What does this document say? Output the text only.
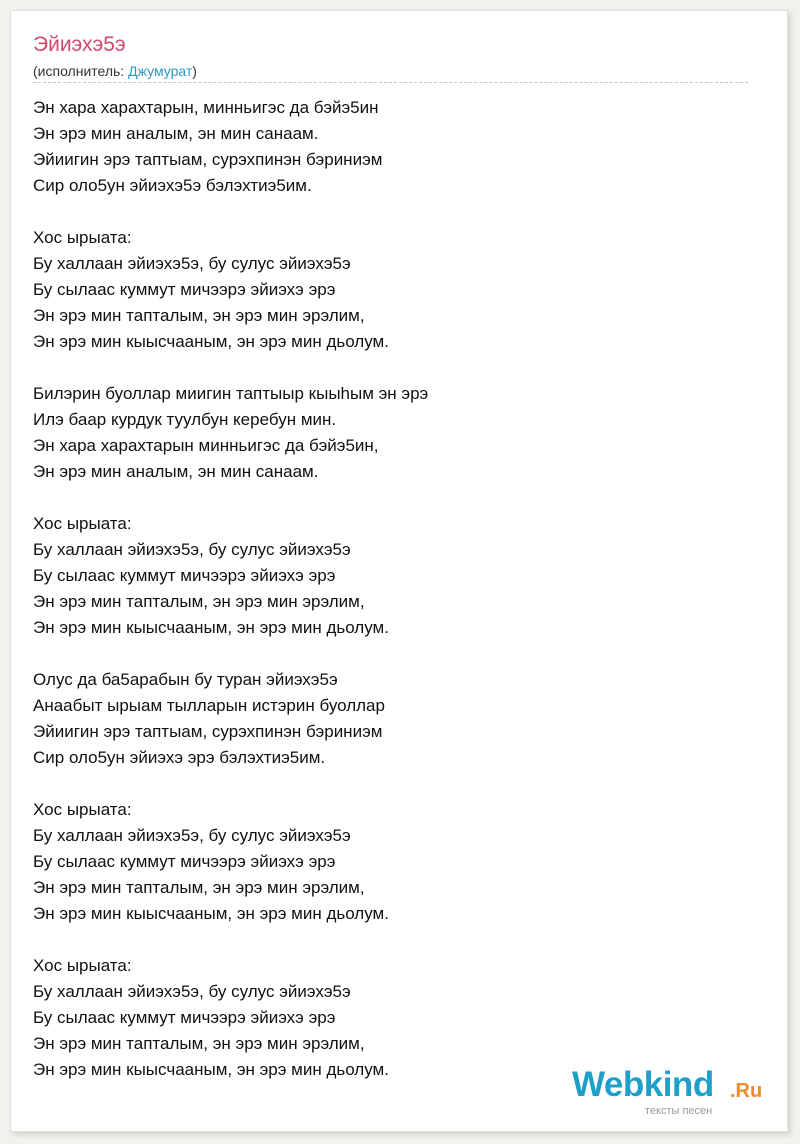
Эйиэхэ5э
(исполнитель: Джумурат)
Эн хара харахтарын, минньигэс да бэйэ5ин
Эн эрэ мин аналым, эн мин санаам.
Эйиигин эрэ таптыам, сурэхпинэн бэриниэм
Сир оло5ун эйиэхэ5э бэлэхтиэ5им.
Хос ырыата:
Бу халлаан эйиэхэ5э, бу сулус эйиэхэ5э
Бу сылаас куммут мичээрэ эйиэхэ эрэ
Эн эрэ мин тапталым, эн эрэ мин эрэлим,
Эн эрэ мин кыысчааным, эн эрэ мин дьолум.
Билэрин буоллар миигин таптыыр кыыһым эн эрэ
Илэ баар курдук туулбун керебун мин.
Эн хара харахтарын минньигэс да бэйэ5ин,
Эн эрэ мин аналым, эн мин санаам.
Хос ырыата:
Бу халлаан эйиэхэ5э, бу сулус эйиэхэ5э
Бу сылаас куммут мичээрэ эйиэхэ эрэ
Эн эрэ мин тапталым, эн эрэ мин эрэлим,
Эн эрэ мин кыысчааным, эн эрэ мин дьолум.
Олус да ба5арабын бу туран эйиэхэ5э
Анаабыт ырыам тылларын истэрин буоллар
Эйиигин эрэ таптыам, сурэхпинэн бэриниэм
Сир оло5ун эйиэхэ эрэ бэлэхтиэ5им.
Хос ырыата:
Бу халлаан эйиэхэ5э, бу сулус эйиэхэ5э
Бу сылаас куммут мичээрэ эйиэхэ эрэ
Эн эрэ мин тапталым, эн эрэ мин эрэлим,
Эн эрэ мин кыысчааным, эн эрэ мин дьолум.
Хос ырыата:
Бу халлаан эйиэхэ5э, бу сулус эйиэхэ5э
Бу сылаас куммут мичээрэ эйиэхэ эрэ
Эн эрэ мин тапталым, эн эрэ мин эрэлим,
Эн эрэ мин кыысчааным, эн эрэ мин дьолум.	Webkind .Ru
тексты песен
